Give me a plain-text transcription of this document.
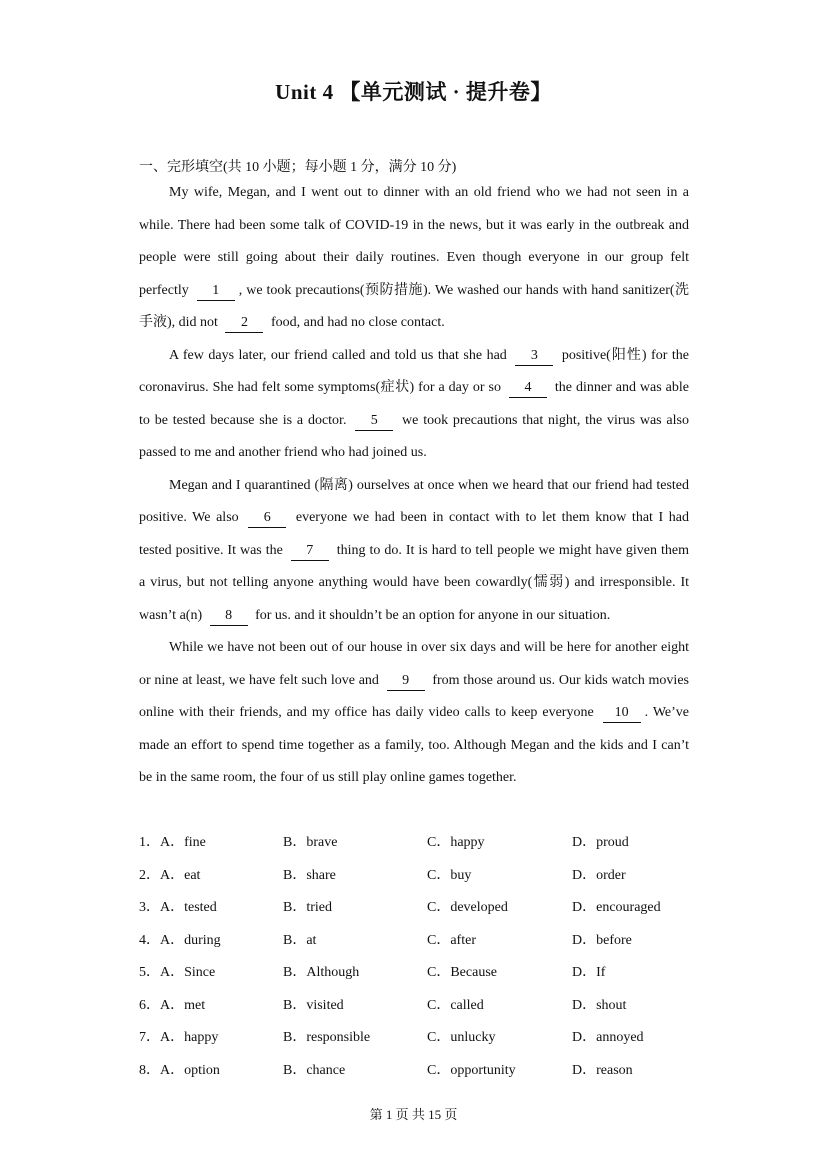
Unit 4 【单元测试 · 提升卷】
一、完形填空(共 10 小题；每小题 1 分，满分 10 分)

My wife, Megan, and I went out to dinner with an old friend who we had not seen in a while. There had been some talk of COVID-19 in the news, but it was early in the outbreak and people were still going about their daily routines. Even though everyone in our group felt perfectly 1 , we took precautions(预防措施). We washed our hands with hand sanitizer(洗手液), did not 2 food, and had no close contact.

A few days later, our friend called and told us that she had 3 positive(阳性) for the coronavirus. She had felt some symptoms(症状) for a day or so 4 the dinner and was able to be tested because she is a doctor. 5 we took precautions that night, the virus was also passed to me and another friend who had joined us.

Megan and I quarantined (隔离) ourselves at once when we heard that our friend had tested positive. We also 6 everyone we had been in contact with to let them know that I had tested positive. It was the 7 thing to do. It is hard to tell people we might have given them a virus, but not telling anyone anything would have been cowardly(懦弱) and irresponsible. It wasn’t a(n) 8 for us. and it shouldn’t be an option for anyone in our situation.

While we have not been out of our house in over six days and will be here for another eight or nine at least, we have felt such love and 9 from those around us. Our kids watch movies online with their friends, and my office has daily video calls to keep everyone 10 . We’ve made an effort to spend time together as a family, too. Although Megan and the kids and I can’t be in the same room, the four of us still play online games together.

1．A．fine	B．brave	C．happy	D．proud
2．A．eat	B．share	C．buy	D．order
3．A．tested	B．tried	C．developed	D．encouraged
4．A．during	B．at	C．after	D．before
5．A．Since	B．Although	C．Because	D．If
6．A．met	B．visited	C．called	D．shout
7．A．happy	B．responsible	C．unlucky	D．annoyed
8．A．option	B．chance	C．opportunity	D．reason
第 1 页 共 15 页
